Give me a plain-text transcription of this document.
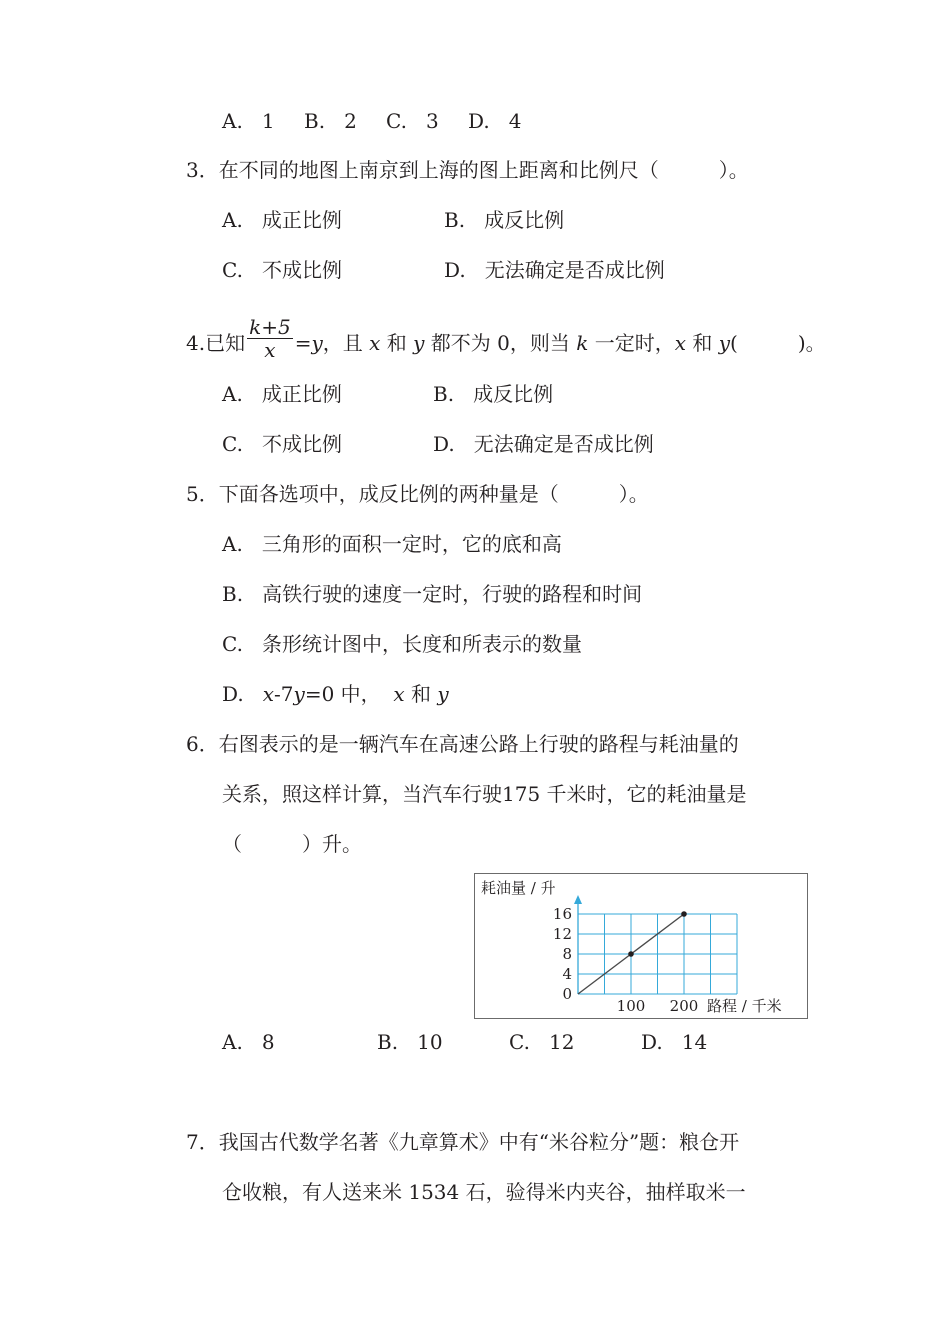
A.   1 B.   2 C.   3 D.   4
3．在不同的地图上南京到上海的图上距离和比例尺（　　　）。
A.   成正比例	B.   成反比例
C.   不成比例	D.   无法确定是否成比例
4.已知 $\frac{k+5}{x} =y$，且 x 和 y 都不为 0，则当 k 一定时，x 和 y(　　　)。
A.   成正比例	B.   成反比例
C.   不成比例	D.   无法确定是否成比例
5．下面各选项中，成反比例的两种量是（　　　）。
A.   三角形的面积一定时，它的底和高
B.   高铁行驶的速度一定时，行驶的路程和时间
C.   条形统计图中，长度和所表示的数量
D.   x-7y=0 中， x 和 y
6．右图表示的是一辆汽车在高速公路上行驶的路程与耗油量的
关系，照这样计算，当汽车行驶175 千米时，它的耗油量是
（　　　）升。
耗油量 / 升
0
4
8
12
16
100 200 路程 / 千米
A.   8	B.   10	C.   12	D.   14
7．我国古代数学名著《九章算术》中有“米谷粒分”题：粮仓开
仓收粮，有人送来米 1534 石，验得米内夹谷，抽样取米一
